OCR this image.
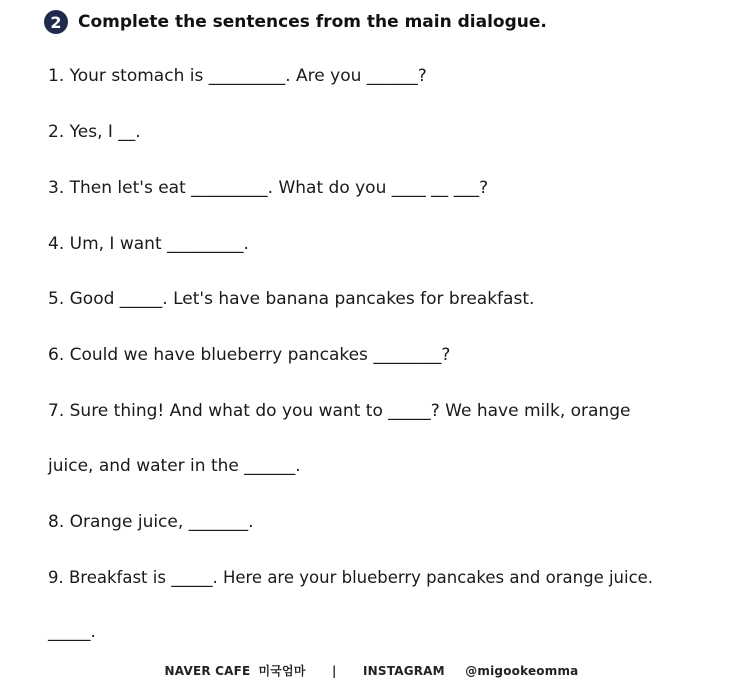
2 Complete the sentences from the main dialogue.
1. Your stomach is _________. Are you ______?
2. Yes, I __.
3. Then let's eat _________. What do you ____ __ ___?
4. Um, I want _________.
5. Good _____. Let's have banana pancakes for breakfast.
6. Could we have blueberry pancakes ________?
7. Sure thing! And what do you want to _____? We have milk, orange
juice, and water in the ______.
8. Orange juice, _______.
9. Breakfast is _____. Here are your blueberry pancakes and orange juice.
_____.
NAVER CAFE 미국엄마 | INSTAGRAM @migookeomma
